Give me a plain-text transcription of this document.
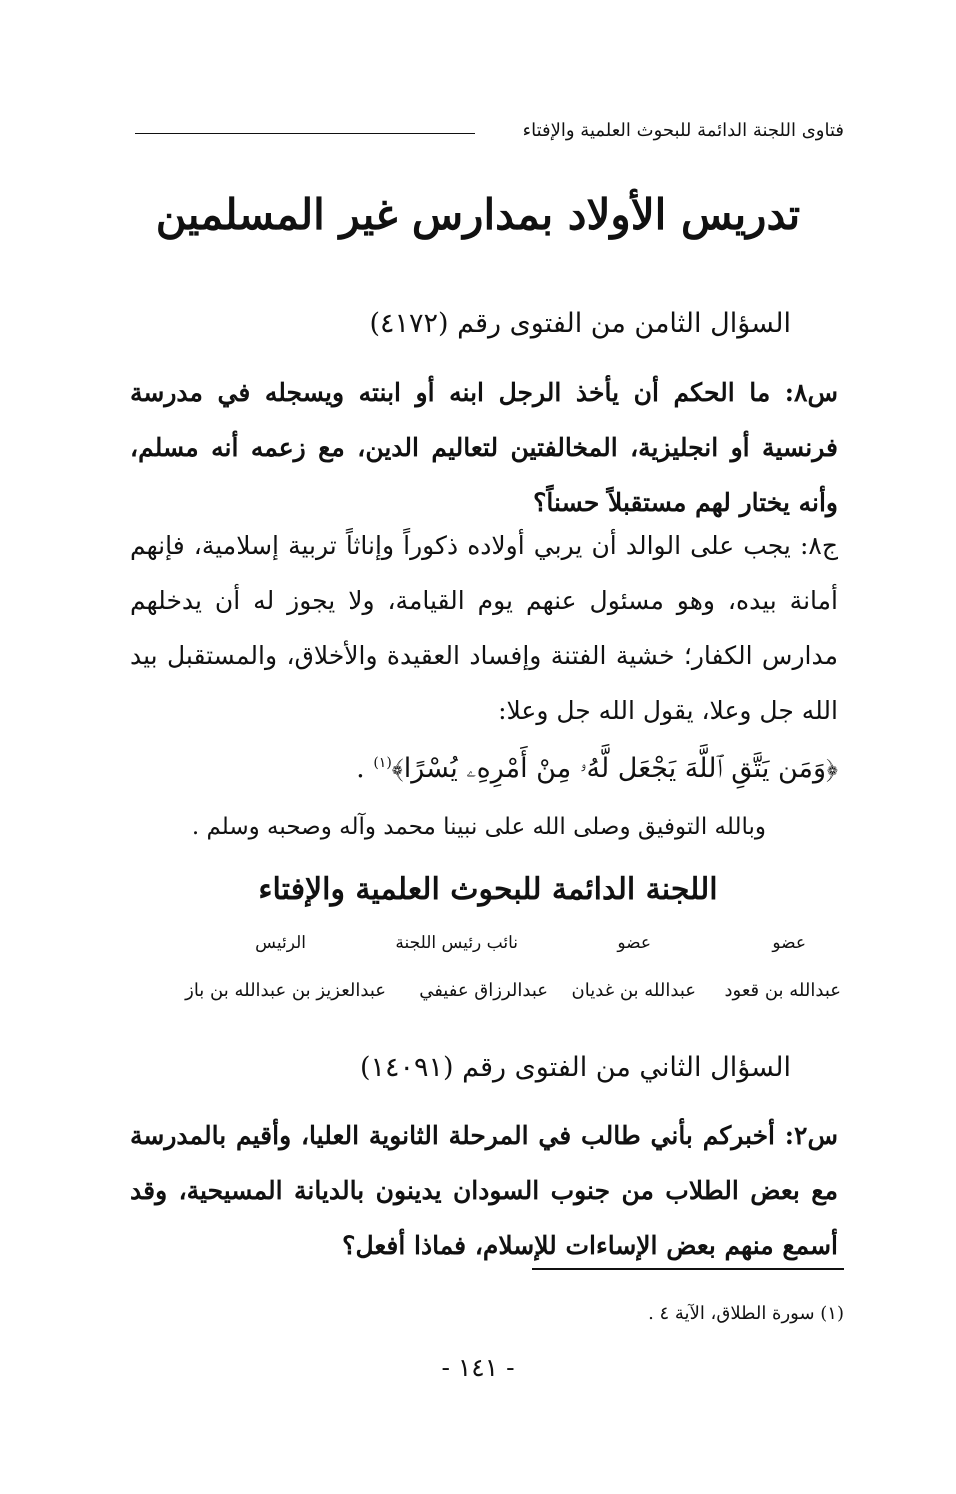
فتاوى اللجنة الدائمة للبحوث العلمية والإفتاء
تدريس الأولاد بمدارس غير المسلمين
السؤال الثامن من الفتوى رقم (٤١٧٢)
س٨: ما الحكم أن يأخذ الرجل ابنه أو ابنته ويسجله في مدرسة فرنسية أو انجليزية، المخالفتين لتعاليم الدين، مع زعمه أنه مسلم، وأنه يختار لهم مستقبلاً حسناً؟
ج٨: يجب على الوالد أن يربي أولاده ذكوراً وإناثاً تربية إسلامية، فإنهم أمانة بيده، وهو مسئول عنهم يوم القيامة، ولا يجوز له أن يدخلهم مدارس الكفار؛ خشية الفتنة وإفساد العقيدة والأخلاق، والمستقبل بيد الله جل وعلا، يقول الله جل وعلا:
﴿وَمَن يَتَّقِ ٱللَّهَ يَجْعَل لَّهُۥ مِنْ أَمْرِهِۦ يُسْرًا﴾$^{(١)}$ .
وبالله التوفيق وصلى الله على نبينا محمد وآله وصحبه وسلم .
اللجنة الدائمة للبحوث العلمية والإفتاء
عضو
عضو
نائب رئيس اللجنة
الرئيس
عبدالله بن قعود
عبدالله بن غديان
عبدالرزاق عفيفي
عبدالعزيز بن عبدالله بن باز
السؤال الثاني من الفتوى رقم (١٤٠٩١)
س٢: أخبركم بأني طالب في المرحلة الثانوية العليا، وأقيم بالمدرسة مع بعض الطلاب من جنوب السودان يدينون بالديانة المسيحية، وقد أسمع منهم بعض الإساءات للإسلام، فماذا أفعل؟
(١) سورة الطلاق، الآية ٤ .
- ١٤١ -
